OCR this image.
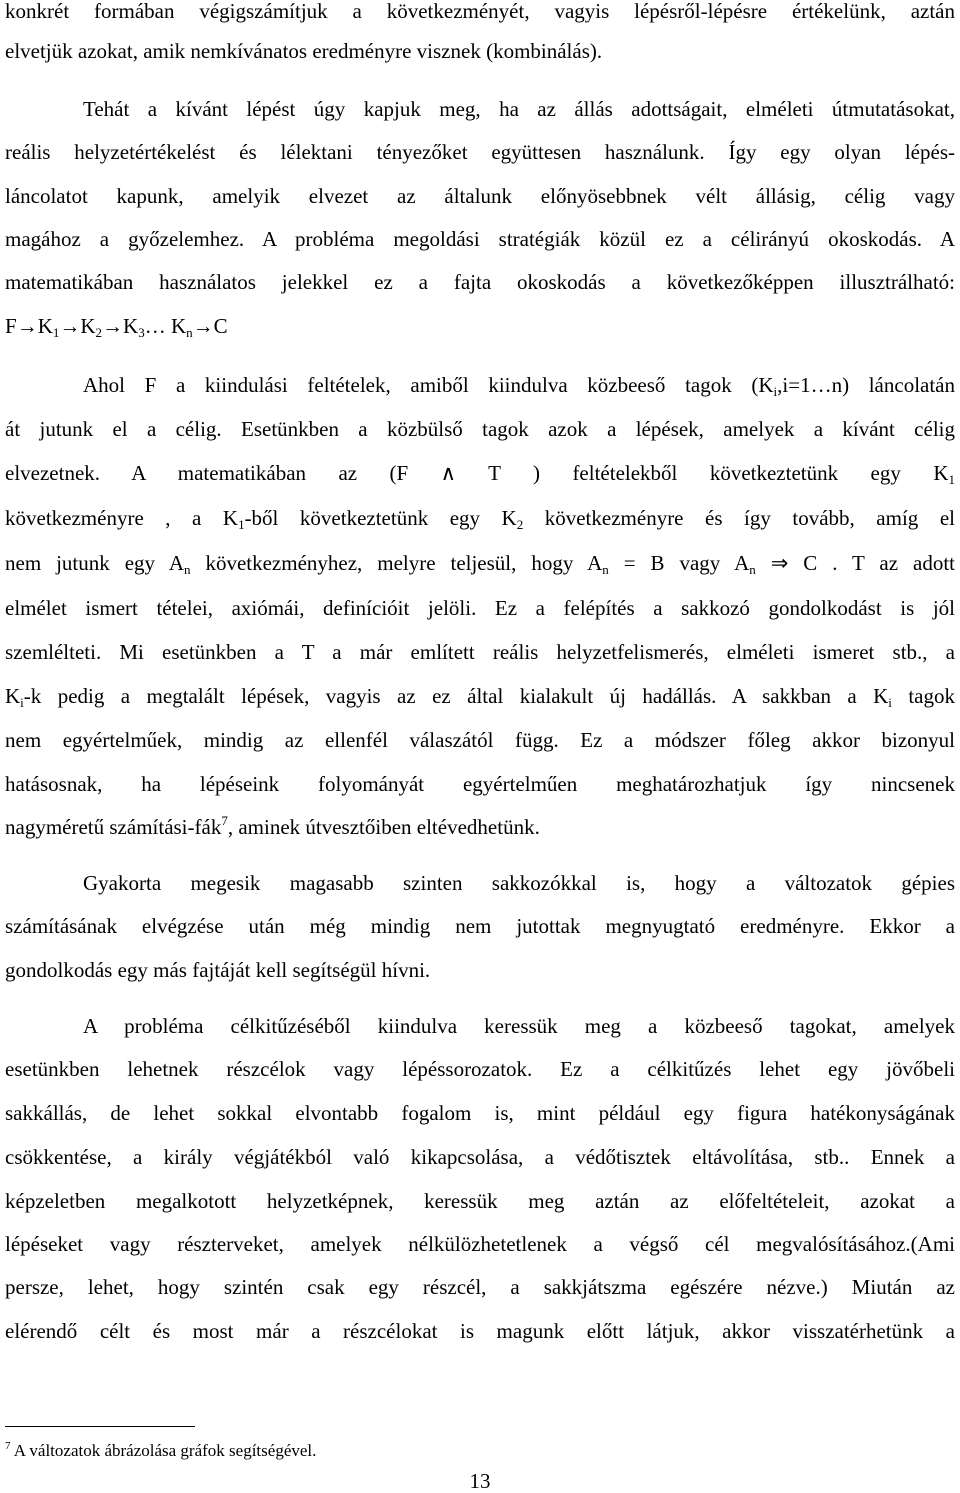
konkrét formában végigszámítjuk a következményét, vagyis lépésről-lépésre értékelünk, aztán
elvetjük azokat, amik nemkívánatos eredményre visznek (kombinálás).
Tehát a kívánt lépést úgy kapjuk meg, ha az állás adottságait, elméleti útmutatásokat,
reális helyzetértékelést és lélektani tényezőket együttesen használunk. Így egy olyan lépés-
láncolatot kapunk, amelyik elvezet az általunk előnyösebbnek vélt állásig, célig vagy
magához a győzelemhez. A probléma megoldási stratégiák közül ez a célirányú okoskodás. A
matematikában használatos jelekkel ez a fajta okoskodás a következőképpen illusztrálható:
$F\to K_1\to K_2\to K_3\dots$ $K_n\to C$
Ahol F a kiindulási feltételek, amiből kiindulva közbeeső tagok $(K_i,i=1\dots n)$ láncolatán
át jutunk el a célig. Esetünkben a közbülső tagok azok a lépések, amelyek a kívánt célig
elvezetnek. A matematikában az (F ∧ T ) feltételekből következtetünk egy $K_1$
következményre , a $K_1$-ből következtetünk egy $K_2$ következményre és így tovább, amíg el
nem jutunk egy $A_n$ következményhez, melyre teljesül, hogy $A_n = B$ vagy $A_n$ ⇒ C . T az adott
elmélet ismert tételei, axiómái, definícióit jelöli. Ez a felépítés a sakkozó gondolkodást is jól
szemlélteti. Mi esetünkben a T a már említett reális helyzetfelismerés, elméleti ismeret stb., a
$K_i-k$ pedig a megtalált lépések, vagyis az ez által kialakult új hadállás. A sakkban a $K_i$ tagok
nem egyértelműek, mindig az ellenfél válaszától függ. Ez a módszer főleg akkor bizonyul
hatásosnak, ha lépéseink folyományát egyértelműen meghatározhatjuk így nincsenek
nagyméretű számítási-fák$^7$, aminek útvesztőiben eltévedhetünk.
Gyakorta megesik magasabb szinten sakkozókkal is, hogy a változatok gépies
számításának elvégzése után még mindig nem jutottak megnyugtató eredményre. Ekkor a
gondolkodás egy más fajtáját kell segítségül hívni.
A probléma célkitűzéséből kiindulva keressük meg a közbeeső tagokat, amelyek
esetünkben lehetnek részcélok vagy lépéssorozatok. Ez a célkitűzés lehet egy jövőbeli
sakkállás, de lehet sokkal elvontabb fogalom is, mint például egy figura hatékonyságának
csökkentése, a király végjátékból való kikapcsolása, a védőtisztek eltávolítása, stb.. Ennek a
képzeletben megalkotott helyzetképnek, keressük meg aztán az előfeltételeit, azokat a
lépéseket vagy részterveket, amelyek nélkülözhetetlenek a végső cél megvalósításához.(Ami
persze, lehet, hogy szintén csak egy részcél, a sakkjátszma egészére nézve.) Miután az
elérendő célt és most már a részcélokat is magunk előtt látjuk, akkor visszatérhetünk a
$^7$ A változatok ábrázolása gráfok segítségével.
13
